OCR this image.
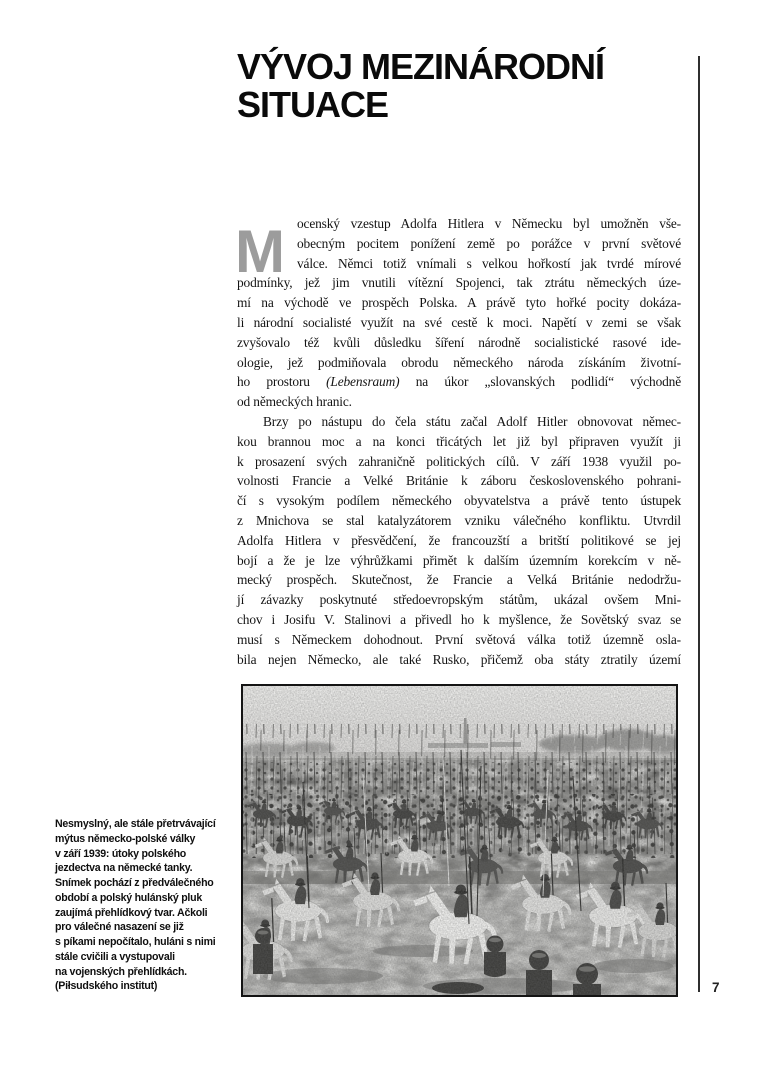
VÝVOJ MEZINÁRODNÍ
SITUACE
M ocenský vzestup Adolfa Hitlera v Německu byl umožněn vše-
obecným pocitem ponížení země po porážce v první světové
válce. Němci totiž vnímali s velkou hořkostí jak tvrdé mírové
podmínky, jež jim vnutili vítězní Spojenci, tak ztrátu německých úze-
mí na východě ve prospěch Polska. A právě tyto hořké pocity dokáza-
li národní socialisté využít na své cestě k moci. Napětí v zemi se však
zvyšovalo též kvůli důsledku šíření národně socialistické rasové ide-
ologie, jež podmiňovala obrodu německého národa získáním životní-
ho prostoru (Lebensraum) na úkor „slovanských podlidí“ východně
od německých hranic.
Brzy po nástupu do čela státu začal Adolf Hitler obnovovat němec-
kou brannou moc a na konci třicátých let již byl připraven využít ji
k prosazení svých zahraničně politických cílů. V září 1938 využil po-
volnosti Francie a Velké Británie k záboru československého pohrani-
čí s vysokým podílem německého obyvatelstva a právě tento ústupek
z Mnichova se stal katalyzátorem vzniku válečného konfliktu. Utvrdil
Adolfa Hitlera v přesvědčení, že francouzští a britští politikové se jej
bojí a že je lze výhrůžkami přimět k dalším územním korekcím v ně-
mecký prospěch. Skutečnost, že Francie a Velká Británie nedodržu-
jí závazky poskytnuté středoevropským státům, ukázal ovšem Mni-
chov i Josifu V. Stalinovi a přivedl ho k myšlence, že Sovětský svaz se
musí s Německem dohodnout. První světová válka totiž územně osla-
bila nejen Německo, ale také Rusko, přičemž oba státy ztratily území
Nesmyslný, ale stále přetrvávající
mýtus německo-polské války
v září 1939: útoky polského
jezdectva na německé tanky.
Snímek pochází z předválečného
období a polský hulánský pluk
zaujímá přehlídkový tvar. Ačkoli
pro válečné nasazení se již
s píkami nepočítalo, huláni s nimi
stále cvičili a vystupovali
na vojenských přehlídkách.
(Piłsudského institut)	7
